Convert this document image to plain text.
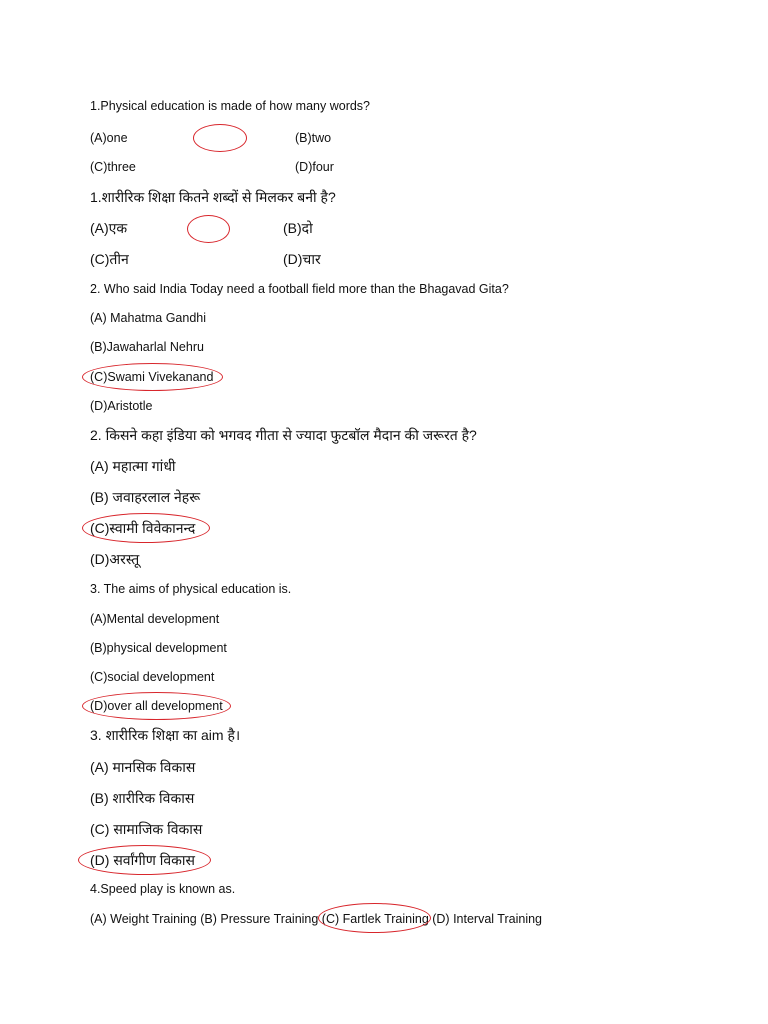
1.Physical education is made of how many words?
(A)one	(B)two
(C)three	(D)four
1.शारीरिक शिक्षा कितने शब्दों से मिलकर बनी है?
(A)एक	(B)दो
(C)तीन	(D)चार
2. Who said India Today need a football field more than the Bhagavad Gita?
(A) Mahatma Gandhi
(B)Jawaharlal Nehru
(C)Swami Vivekanand
(D)Aristotle
2. किसने कहा इंडिया को भगवद गीता से ज्यादा फुटबॉल मैदान की जरूरत है?
(A) महात्मा गांधी
(B) जवाहरलाल नेहरू
(C)स्वामी विवेकानन्द
(D)अरस्तू
3. The aims of physical education is.
(A)Mental development
(B)physical development
(C)social development
(D)over all development
3. शारीरिक शिक्षा का aim है।
(A) मानसिक विकास
(B) शारीरिक विकास
(C) सामाजिक विकास
(D) सर्वांगीण विकास
4.Speed play is known as.
(A) Weight Training (B) Pressure Training (C) Fartlek Training (D) Interval Training
